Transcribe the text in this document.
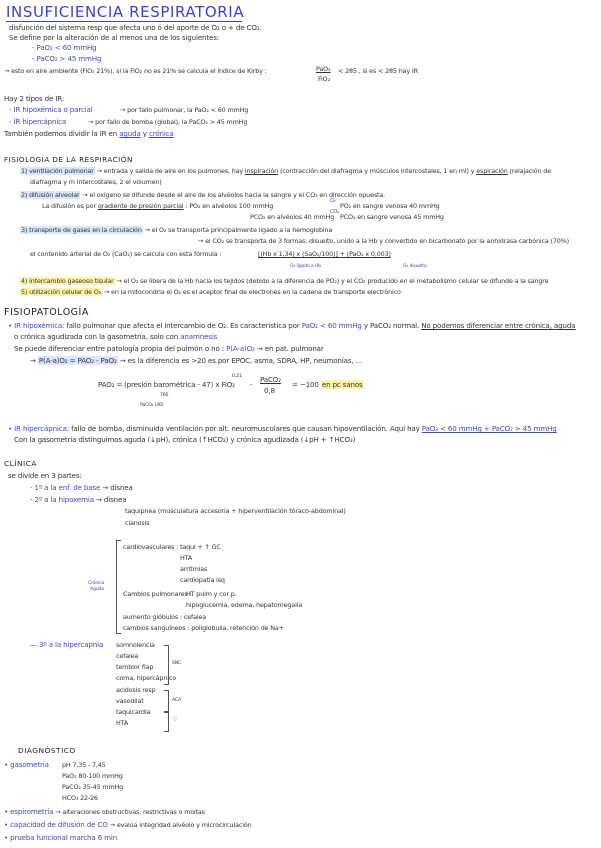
INSUFICIENCIA RESPIRATORIA
disfunción del sistema resp que afecta uno ó del aporte de O₂ o + de CO₂.
Se define por la alteración de al menos una de los siguientes:
- PaO₂ < 60 mmHg
- PaCO₂ > 45 mmHg
→ esto en aire ambiente (FiO₂ 21%), si la FiO₂ no es 21% se calcula el índice de Kirby :	PaO₂
FiO₂
< 285 , si es < 285 hay IR
Hay 2 tipos de IR:
- IR hipoxémica o parcial	→ por fallo pulmonar, la PaO₂ < 60 mmHg
- IR hipercápnica	→ por fallo de bomba (global), la PaCO₂ > 45 mmHg
También podemos dividir la IR en aguda y crónica
FISIOLOGÍA DE LA RESPIRACIÓN
1) ventilación pulmonar → entrada y salida de aire en los pulmones, hay inspiración (contracción del diafragma y músculos intercostales, 1 en ml) y espiración (relajación de
diafragma y m intercostales, 2 el volumen)
2) difusión alveolar → el oxígeno se difunde desde el aire de los alvéolos hacia la sangre y el CO₂ en dirección opuesta.
La difusión es por gradiente de presión parcial : PO₂ en alvéolos 100 mmHg
O₂
PO₂ en sangre venosa 40 mmHg
PCO₂ en alvéolos 40 mmHg
CO₂
PCO₂ en sangre venosa 45 mmHg
3) transporte de gases en la circulación → el O₂ se transporta principalmente ligado a la hemoglobina
→ el CO₂ se transporta de 3 formas: disuelto, unido a la Hb y convertido en bicarbonato por la anhidrasa carbónica (70%)
el contenido arterial de O₂ (CaO₂) se calcula con esta fórmula :	[(Hb x 1,34) x (SaO₂/100)] + (PaO₂ x 0,003)
O₂ ligado a Hb	O₂ disuelto
4) intercambio gaseoso tisular → el O₂ se libera de la Hb hacia los tejidos (debido a la diferencia de PO₂) y el CO₂ producido en el metabolismo celular se difunde a la sangre
5) utilización celular de O₂ → en la mitocondria el O₂ es el aceptor final de electrones en la cadena de transporte electrónico
FISIOPATOLOGÍA
• IR hipoxémica: fallo pulmonar que afecta el intercambio de O₂. Es característica por PaO₂ < 60 mmHg y PaCO₂ normal. No podemos diferenciar entre crónica, aguda
o crónica agudizada con la gasometría, solo con anamnesis
Se puede diferenciar entre patología propia del pulmón o no : P(A-a)O₂ → en pat. pulmonar
→ P(A-a)O₂ = PAO₂ - PaO₂ → es la diferencia es >20 es por EPOC, asma, SDRA, HP, neumonías, ...
PAO₂ = (presión barométrica - 47) x FiO₂
0,21
-
PaCO₂
0,8
= ~100 en pc sanos
760
PaCO₂ (40)
• IR hipercápnica: fallo de bomba, disminuida ventilación por alt. neuromusculares que causan hipoventilación. Aquí hay PaO₂ < 60 mmHg + PaCO₂ > 45 mmHg
Con la gasometría distinguimos aguda (↓pH), crónica (↑HCO₃) y crónica agudizada (↓pH + ↑HCO₃)
CLÍNICA
se divide en 3 partes:
- 1º a la enf. de base → disnea
- 2º a la hipoxemia → disnea
taquipnea (musculatura accesoria + hiperventilación tóraco-abdominal)
cianosis
Crónica
Aguda
cardiovasculares : taqui + ↑ GC
HTA
arritmias
cardiopatía isq
Cambios pulmonares :
HT pulm y cor p.
hipoglucemia, edema, hepatomegalia
aumento glóbulos : cefalea
cambios sanguíneos : poliglobulia, retención de Na+
— 3º a la hipercapnia somnolencia
cefalea
temblor flap
coma, hipercápnico
acidosis resp
vasodilat
taquicardia
HTA
SNC
ACA
♡
DIAGNÓSTICO
• gasometría pH 7,35 - 7,45
PaO₂ 80-100 mmHg
PaCO₂ 35-45 mmHg
HCO₃ 22-26
• espirometría → alteraciones obstructivas, restrictivas o mixtas
• capacidad de difusión de CO → evalúa integridad alvéolo y microcirculación
• prueba funcional marcha 6 min
